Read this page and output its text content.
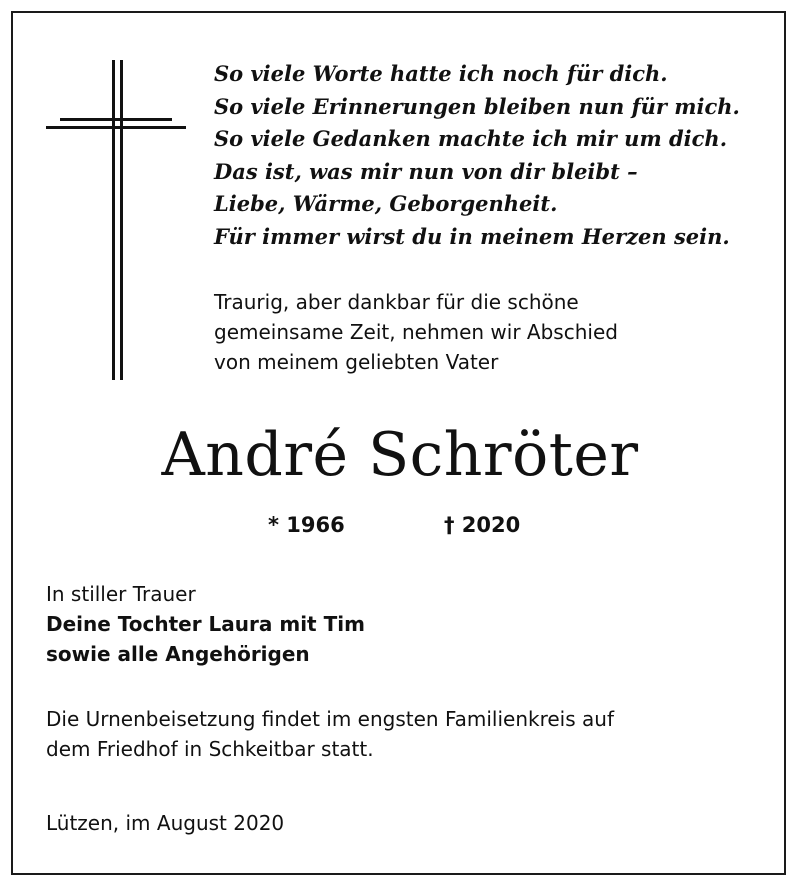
So viele Worte hatte ich noch für dich.
So viele Erinnerungen bleiben nun für mich.
So viele Gedanken machte ich mir um dich.
Das ist, was mir nun von dir bleibt –
Liebe, Wärme, Geborgenheit.
Für immer wirst du in meinem Herzen sein.
Traurig, aber dankbar für die schöne
gemeinsame Zeit, nehmen wir Abschied
von meinem geliebten Vater
André Schröter
* 1966	† 2020
In stiller Trauer
Deine Tochter Laura mit Tim
sowie alle Angehörigen
Die Urnenbeisetzung findet im engsten Familienkreis auf
dem Friedhof in Schkeitbar statt.
Lützen, im August 2020
